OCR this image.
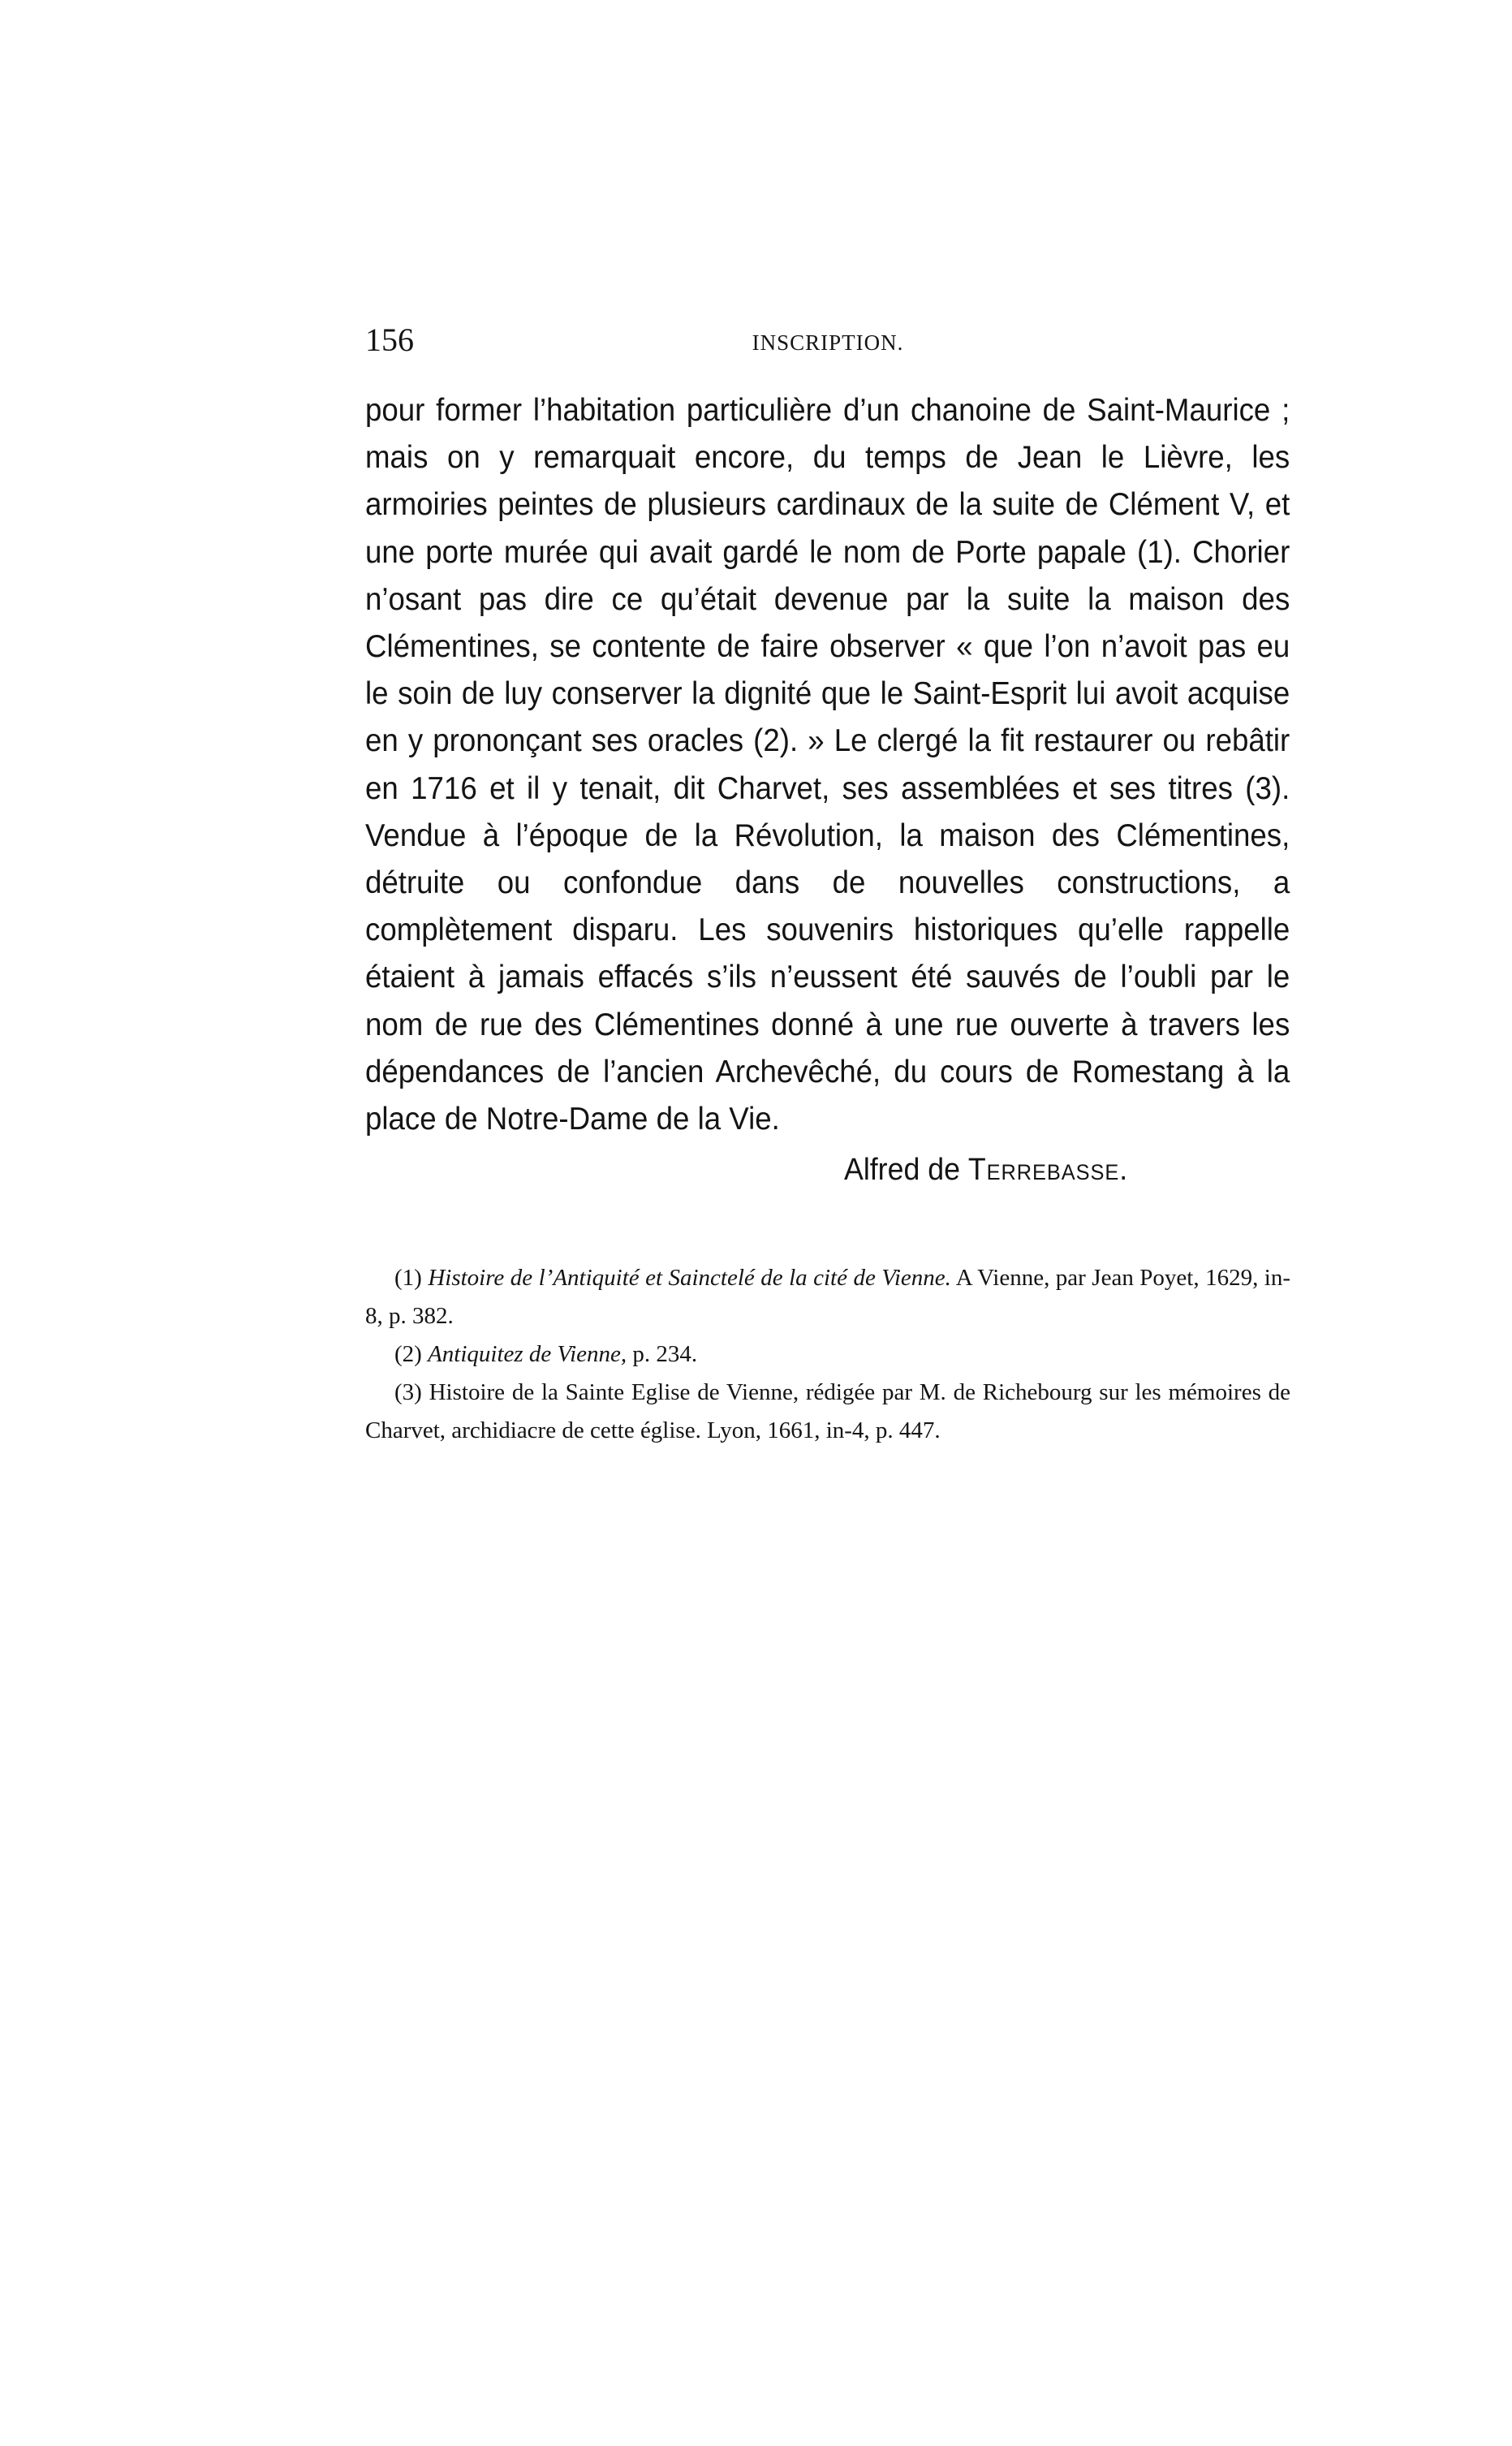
156	INSCRIPTION.

pour former l’habitation particulière d’un chanoine de Saint-Maurice ; mais on y remarquait encore, du temps de Jean le Lièvre, les armoiries peintes de plusieurs cardinaux de la suite de Clément V, et une porte murée qui avait gardé le nom de Porte papale (1). Chorier n’osant pas dire ce qu’était devenue par la suite la maison des Clémentines, se contente de faire observer « que l’on n’avoit pas eu le soin de luy conserver la dignité que le Saint-Esprit lui avoit acquise en y prononçant ses oracles (2). » Le clergé la fit restaurer ou rebâtir en 1716 et il y tenait, dit Charvet, ses assemblées et ses titres (3). Vendue à l’époque de la Révolution, la maison des Clémentines, détruite ou confondue dans de nouvelles constructions, a complètement disparu. Les souvenirs historiques qu’elle rappelle étaient à jamais effacés s’ils n’eussent été sauvés de l’oubli par le nom de rue des Clémentines donné à une rue ouverte à travers les dépendances de l’ancien Archevêché, du cours de Romestang à la place de Notre-Dame de la Vie.

Alfred de Terrebasse.

(1) Histoire de l’Antiquité et Sainctelé de la cité de Vienne. A Vienne, par Jean Poyet, 1629, in-8, p. 382.

(2) Antiquitez de Vienne, p. 234.

(3) Histoire de la Sainte Eglise de Vienne, rédigée par M. de Richebourg sur les mémoires de Charvet, archidiacre de cette église. Lyon, 1661, in-4, p. 447.
